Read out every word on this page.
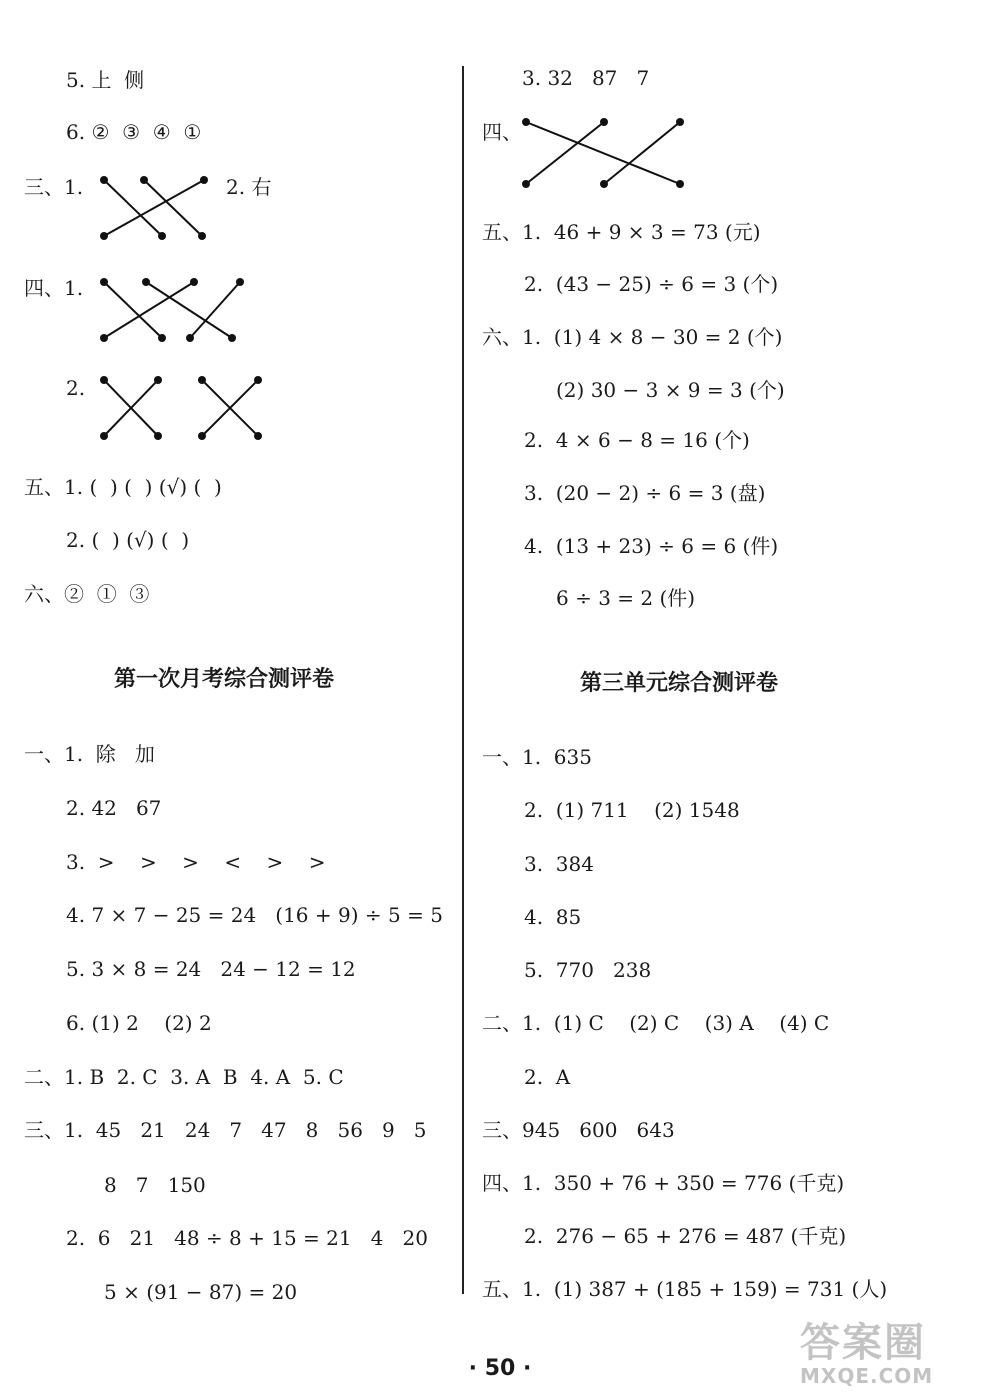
5. 上  侧
6. ②  ③  ④  ①
三、1.	2. 右
四、1.
2.
五、1. (  ) (  ) (√) (  )
2. (  ) (√) (  )
六、②  ①  ③
第一次月考综合测评卷
一、1.  除   加
2. 42   67
3.  >    >    >    <    >    >
4. 7 × 7 − 25 = 24   (16 + 9) ÷ 5 = 5
5. 3 × 8 = 24   24 − 12 = 12
6. (1) 2    (2) 2
二、1. B  2. C  3. A  B  4. A  5. C
三、1.  45   21   24   7   47   8   56   9   5
8   7   150
2.  6   21   48 ÷ 8 + 15 = 21   4   20
5 × (91 − 87) = 20
3. 32   87   7
四、
五、1.  46 + 9 × 3 = 73 (元)
2.  (43 − 25) ÷ 6 = 3 (个)
六、1.  (1) 4 × 8 − 30 = 2 (个)
(2) 30 − 3 × 9 = 3 (个)
2.  4 × 6 − 8 = 16 (个)
3.  (20 − 2) ÷ 6 = 3 (盘)
4.  (13 + 23) ÷ 6 = 6 (件)
6 ÷ 3 = 2 (件)
第三单元综合测评卷
一、1.  635
2.  (1) 711    (2) 1548
3.  384
4.  85
5.  770   238
二、1.  (1) C    (2) C    (3) A    (4) C
2.  A
三、945   600   643
四、1.  350 + 76 + 350 = 776 (千克)
2.  276 − 65 + 276 = 487 (千克)
五、1.  (1) 387 + (185 + 159) = 731 (人)
· 50 ·
答案圈
MXQE.COM
